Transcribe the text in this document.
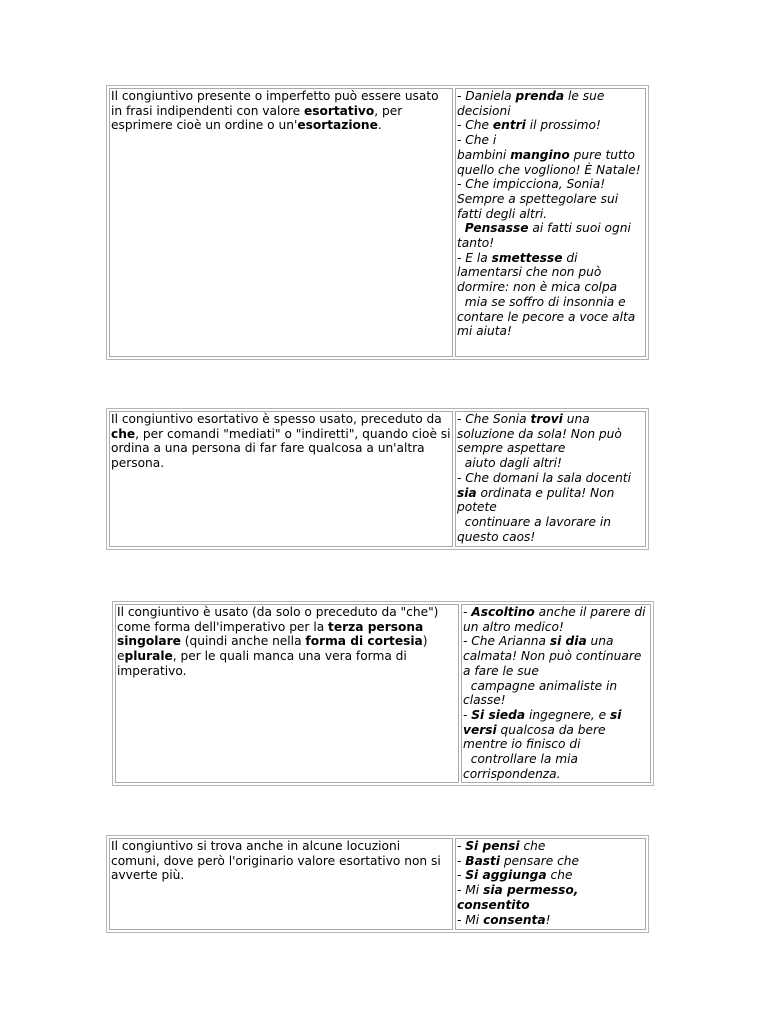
Il congiuntivo presente o imperfetto può essere usato in frasi indipendenti con valore esortativo, per esprimere cioè un ordine o un'esortazione.

- Daniela prenda le sue decisioni
- Che entri il prossimo!
- Che i
bambini mangino pure tutto quello che vogliono! È Natale!
- Che impicciona, Sonia! Sempre a spettegolare sui fatti degli altri.
Pensasse ai fatti suoi ogni tanto!
- E la smettesse di lamentarsi che non può dormire: non è mica colpa
mia se soffro di insonnia e contare le pecore a voce alta mi aiuta!
Il congiuntivo esortativo è spesso usato, preceduto da che, per comandi "mediati" o "indiretti", quando cioè si ordina a una persona di far fare qualcosa a un'altra persona.

- Che Sonia trovi una soluzione da sola! Non può sempre aspettare
aiuto dagli altri!
- Che domani la sala docenti sia ordinata e pulita! Non potete
continuare a lavorare in questo caos!
Il congiuntivo è usato (da solo o preceduto da "che") come forma dell'imperativo per la terza persona singolare (quindi anche nella forma di cortesia) eplurale, per le quali manca una vera forma di imperativo.

- Ascoltino anche il parere di un altro medico!
- Che Arianna si dia una calmata! Non può continuare a fare le sue
campagne animaliste in classe!
- Si sieda ingegnere, e si versi qualcosa da bere mentre io finisco di
controllare la mia corrispondenza.
Il congiuntivo si trova anche in alcune locuzioni comuni, dove però l'originario valore esortativo non si avverte più.

- Si pensi che
- Basti pensare che
- Si aggiunga che
- Mi sia permesso, consentito
- Mi consenta!
